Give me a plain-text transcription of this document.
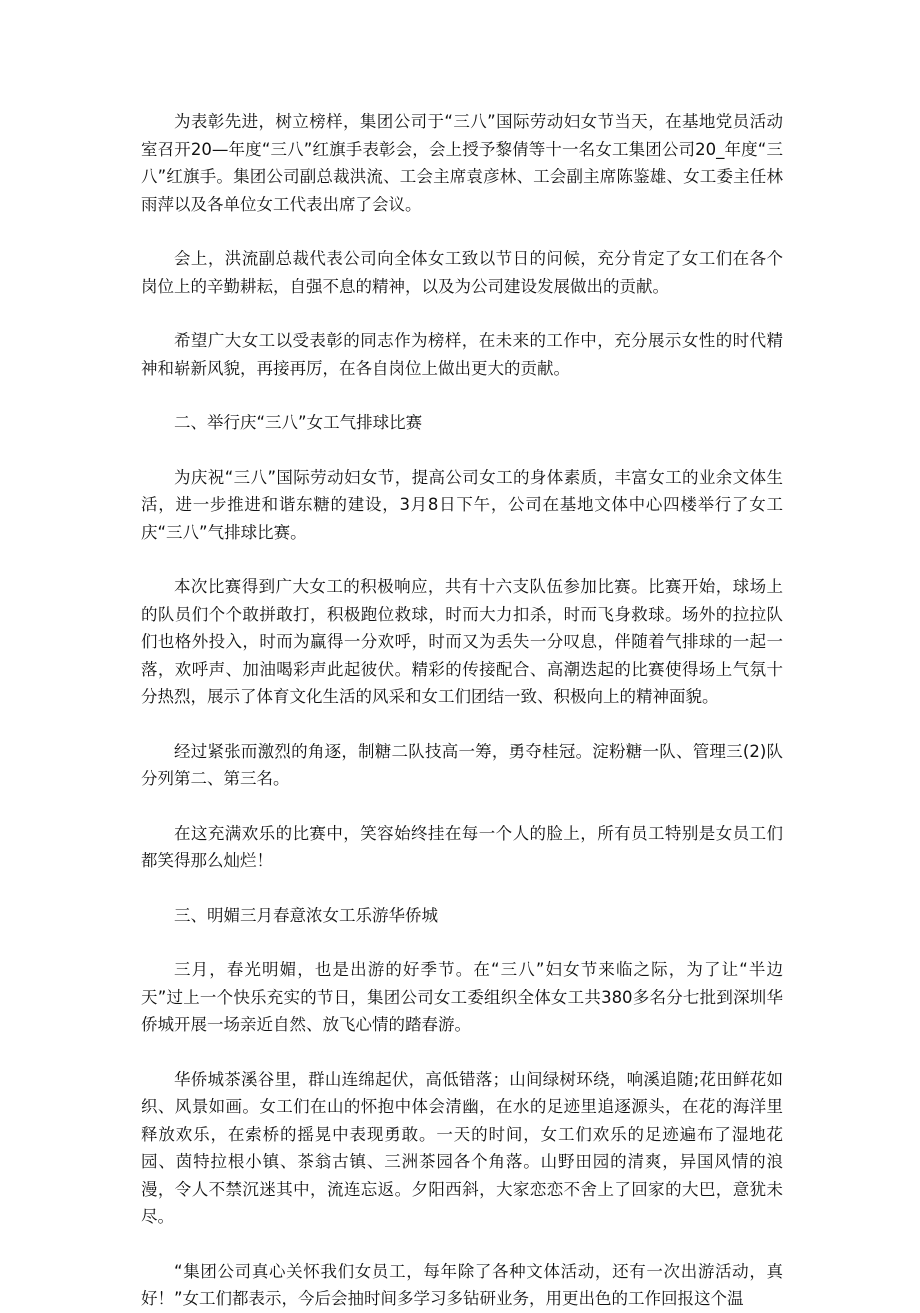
为表彰先进，树立榜样，集团公司于“三八”国际劳动妇女节当天，在基地党员活动室召开20—年度“三八”红旗手表彰会，会上授予黎倩等十一名女工集团公司20_年度“三八”红旗手。集团公司副总裁洪流、工会主席袁彦林、工会副主席陈鉴雄、女工委主任林雨萍以及各单位女工代表出席了会议。

会上，洪流副总裁代表公司向全体女工致以节日的问候，充分肯定了女工们在各个岗位上的辛勤耕耘，自强不息的精神，以及为公司建设发展做出的贡献。

希望广大女工以受表彰的同志作为榜样，在未来的工作中，充分展示女性的时代精神和崭新风貌，再接再厉，在各自岗位上做出更大的贡献。

二、举行庆“三八”女工气排球比赛

为庆祝“三八”国际劳动妇女节，提高公司女工的身体素质，丰富女工的业余文体生活，进一步推进和谐东糖的建设，3月8日下午，公司在基地文体中心四楼举行了女工庆“三八”气排球比赛。

本次比赛得到广大女工的积极响应，共有十六支队伍参加比赛。比赛开始，球场上的队员们个个敢拼敢打，积极跑位救球，时而大力扣杀，时而飞身救球。场外的拉拉队们也格外投入，时而为赢得一分欢呼，时而又为丢失一分叹息，伴随着气排球的一起一落，欢呼声、加油喝彩声此起彼伏。精彩的传接配合、高潮迭起的比赛使得场上气氛十分热烈，展示了体育文化生活的风采和女工们团结一致、积极向上的精神面貌。

经过紧张而激烈的角逐，制糖二队技高一筹，勇夺桂冠。淀粉糖一队、管理三(2)队分列第二、第三名。

在这充满欢乐的比赛中，笑容始终挂在每一个人的脸上，所有员工特别是女员工们都笑得那么灿烂！

三、明媚三月春意浓女工乐游华侨城

三月，春光明媚，也是出游的好季节。在“三八”妇女节来临之际，为了让“半边天”过上一个快乐充实的节日，集团公司女工委组织全体女工共380多名分七批到深圳华侨城开展一场亲近自然、放飞心情的踏春游。

华侨城茶溪谷里，群山连绵起伏，高低错落；山间绿树环绕，响溪追随;花田鲜花如织、风景如画。女工们在山的怀抱中体会清幽，在水的足迹里追逐源头，在花的海洋里释放欢乐，在索桥的摇晃中表现勇敢。一天的时间，女工们欢乐的足迹遍布了湿地花园、茵特拉根小镇、茶翁古镇、三洲茶园各个角落。山野田园的清爽，异国风情的浪漫，令人不禁沉迷其中，流连忘返。夕阳西斜，大家恋恋不舍上了回家的大巴，意犹未尽。

“集团公司真心关怀我们女员工，每年除了各种文体活动，还有一次出游活动，真好！”女工们都表示，今后会抽时间多学习多钻研业务，用更出色的工作回报这个温
